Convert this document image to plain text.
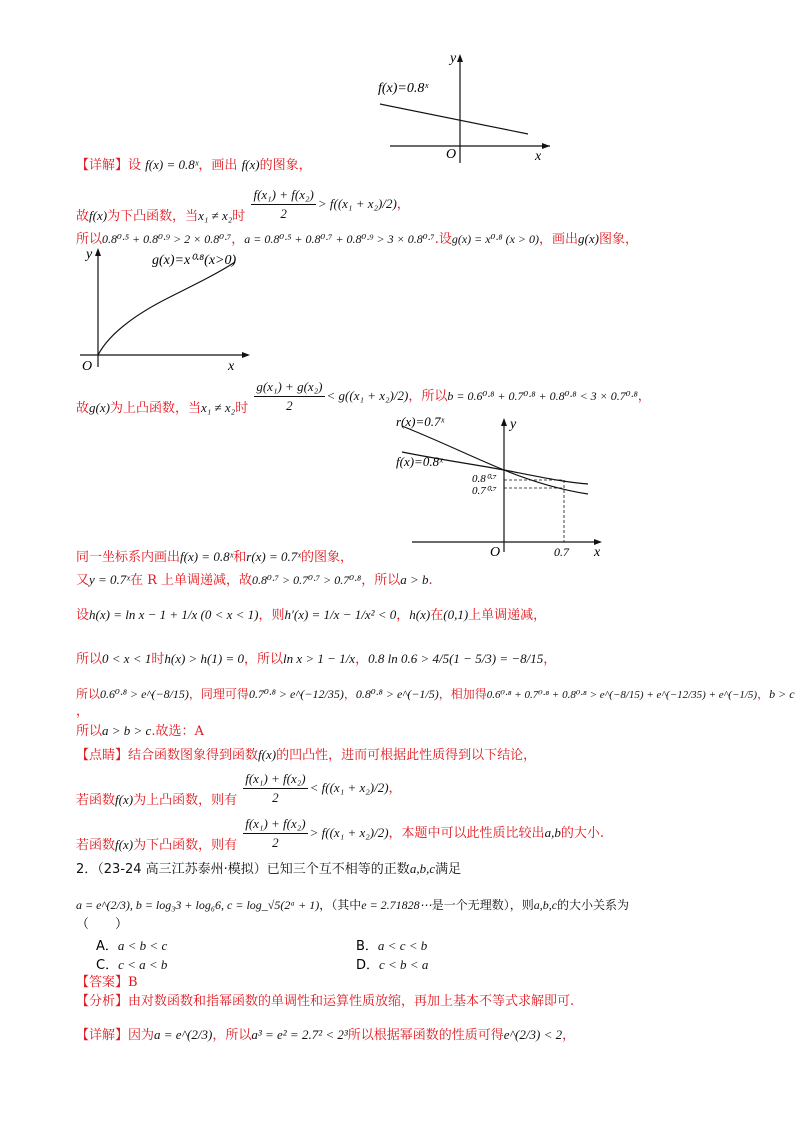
f(x)=0.8ˣ
y
x
O
【详解】设 f(x) = 0.8ˣ，画出 f(x)的图象，
故f(x)为下凸函数，当x₁ ≠ x₂时 $\frac{\text{f(x₁) + f(x₂)}}{2} > f((x_1 + x_2)/2)$，
所以0.8⁰·⁵ + 0.8⁰·⁹ > 2 × 0.8⁰·⁷，a = 0.8⁰·⁵ + 0.8⁰·⁷ + 0.8⁰·⁹ > 3 × 0.8⁰·⁷.设g(x) = x⁰·⁸ (x > 0)，画出g(x)图象，
g(x)=x⁰·⁸(x>0)
y
x
O
故g(x)为上凸函数，当x₁ ≠ x₂时 $\frac{\text{g(x₁) + g(x₂)}}{2} < g((x_1 + x_2)/2)$，所以b = 0.6⁰·⁸ + 0.7⁰·⁸ + 0.8⁰·⁸ < 3 × 0.7⁰·⁸，
r(x)=0.7ˣ
f(x)=0.8ˣ
0.8⁰·⁷
0.7⁰·⁷
y
x
O	0.7
同一坐标系内画出f(x) = 0.8ˣ和r(x) = 0.7ˣ的图象，
又y = 0.7ˣ在 R 上单调递减，故0.8⁰·⁷ > 0.7⁰·⁷ > 0.7⁰·⁸，所以a > b.
设h(x) = ln x − 1 + 1/x (0 < x < 1)，则h′(x) = 1/x − 1/x² < 0，h(x)在(0,1)上单调递减，
所以0 < x < 1时h(x) > h(1) = 0，所以ln x > 1 − 1/x，0.8 ln 0.6 > 4/5(1 − 5/3) = −8/15，
所以0.6⁰·⁸ > e^(−8/15)，同理可得0.7⁰·⁸ > e^(−12/35)，0.8⁰·⁸ > e^(−1/5)，相加得0.6⁰·⁸ + 0.7⁰·⁸ + 0.8⁰·⁸ > e^(−8/15) + e^(−12/35) + e^(−1/5)，b > c
，
所以a > b > c.故选：A
【点睛】结合函数图象得到函数f(x)的凹凸性，进而可根据此性质得到以下结论，
若函数f(x)为上凸函数，则有 $\frac{\text{f(x₁) + f(x₂)}}{2} < f((x_1 + x_2)/2)$，
若函数f(x)为下凸函数，则有 $\frac{\text{f(x₁) + f(x₂)}}{2} > f((x_1 + x_2)/2)$，本题中可以此性质比较出a,b的大小.
2．（23-24 高三江苏泰州·模拟）已知三个互不相等的正数a,b,c满足
a = e^(2/3), b = log₃3 + log₆6, c = log_√5(2ᵃ + 1)，（其中e = 2.71828⋯是一个无理数），则a,b,c的大小关系为
（　　）
A．a < b < c	B．a < c < b
C．c < a < b	D．c < b < a
【答案】B
【分析】由对数函数和指幂函数的单调性和运算性质放缩，再加上基本不等式求解即可.
【详解】因为a = e^(2/3)，所以a³ = e² = 2.7² < 2³所以根据幂函数的性质可得e^(2/3) < 2，
